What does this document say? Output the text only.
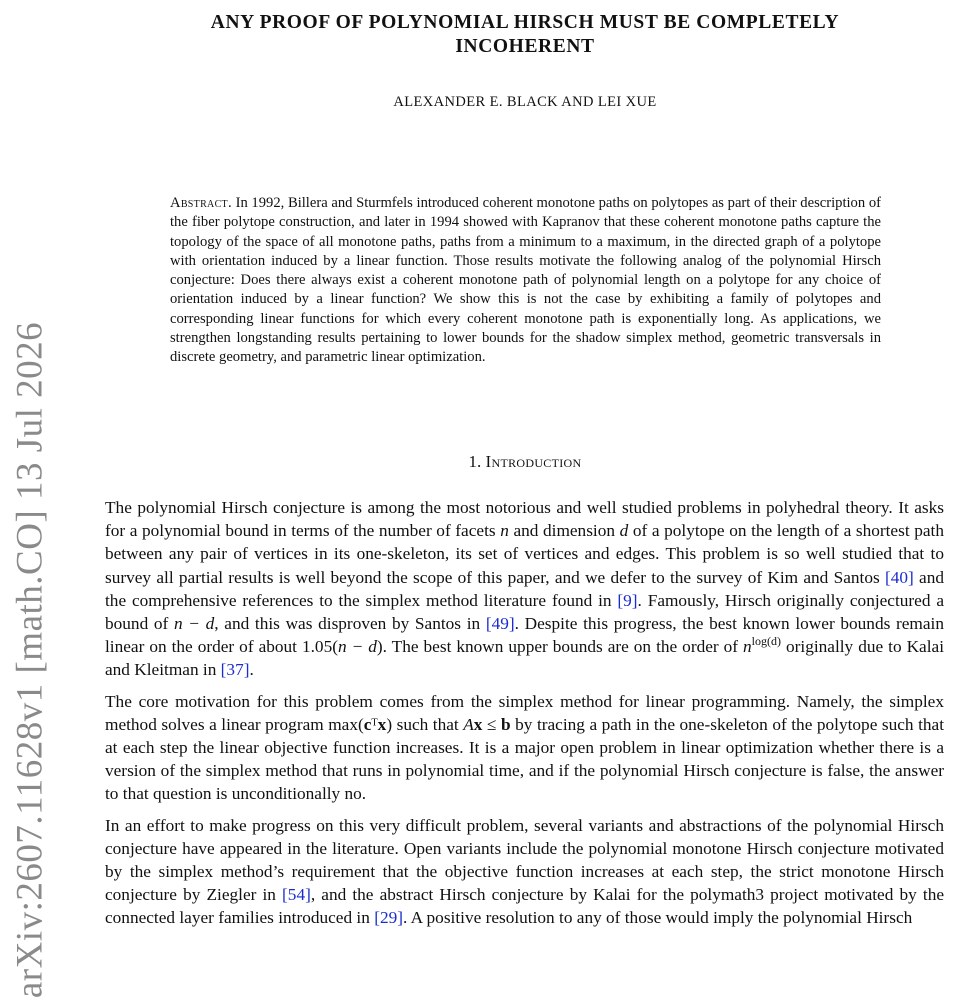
arXiv:2607.11628v1 [math.CO] 13 Jul 2026
ANY PROOF OF POLYNOMIAL HIRSCH MUST BE COMPLETELY
INCOHERENT
ALEXANDER E. BLACK AND LEI XUE

Abstract. In 1992, Billera and Sturmfels introduced coherent monotone paths on polytopes as part of their description of the fiber polytope construction, and later in 1994 showed with Kapranov that these coherent monotone paths capture the topology of the space of all monotone paths, paths from a minimum to a maximum, in the directed graph of a polytope with orientation induced by a linear function. Those results motivate the following analog of the polynomial Hirsch conjecture: Does there always exist a coherent monotone path of polynomial length on a polytope for any choice of orientation induced by a linear function? We show this is not the case by exhibiting a family of polytopes and corresponding linear functions for which every coherent monotone path is exponentially long. As applications, we strengthen longstanding results pertaining to lower bounds for the shadow simplex method, geometric transversals in discrete geometry, and parametric linear optimization.

1. Introduction

The polynomial Hirsch conjecture is among the most notorious and well studied problems in polyhedral theory. It asks for a polynomial bound in terms of the number of facets n and dimension d of a polytope on the length of a shortest path between any pair of vertices in its one-skeleton, its set of vertices and edges. This problem is so well studied that to survey all partial results is well beyond the scope of this paper, and we defer to the survey of Kim and Santos [40] and the comprehensive references to the simplex method literature found in [9]. Famously, Hirsch originally conjectured a bound of n − d, and this was disproven by Santos in [49]. Despite this progress, the best known lower bounds remain linear on the order of about 1.05(n − d). The best known upper bounds are on the order of $n^{log(d)}$ originally due to Kalai and Kleitman in [37].

The core motivation for this problem comes from the simplex method for linear programming. Namely, the simplex method solves a linear program max(cᵀx) such that Ax ≤ b by tracing a path in the one-skeleton of the polytope such that at each step the linear objective function increases. It is a major open problem in linear optimization whether there is a version of the simplex method that runs in polynomial time, and if the polynomial Hirsch conjecture is false, the answer to that question is unconditionally no.

In an effort to make progress on this very difficult problem, several variants and abstractions of the polynomial Hirsch conjecture have appeared in the literature. Open variants include the polynomial monotone Hirsch conjecture motivated by the simplex method’s requirement that the objective function increases at each step, the strict monotone Hirsch conjecture by Ziegler in [54], and the abstract Hirsch conjecture by Kalai for the polymath3 project motivated by the connected layer families introduced in [29]. A positive resolution to any of those would imply the polynomial Hirsch
